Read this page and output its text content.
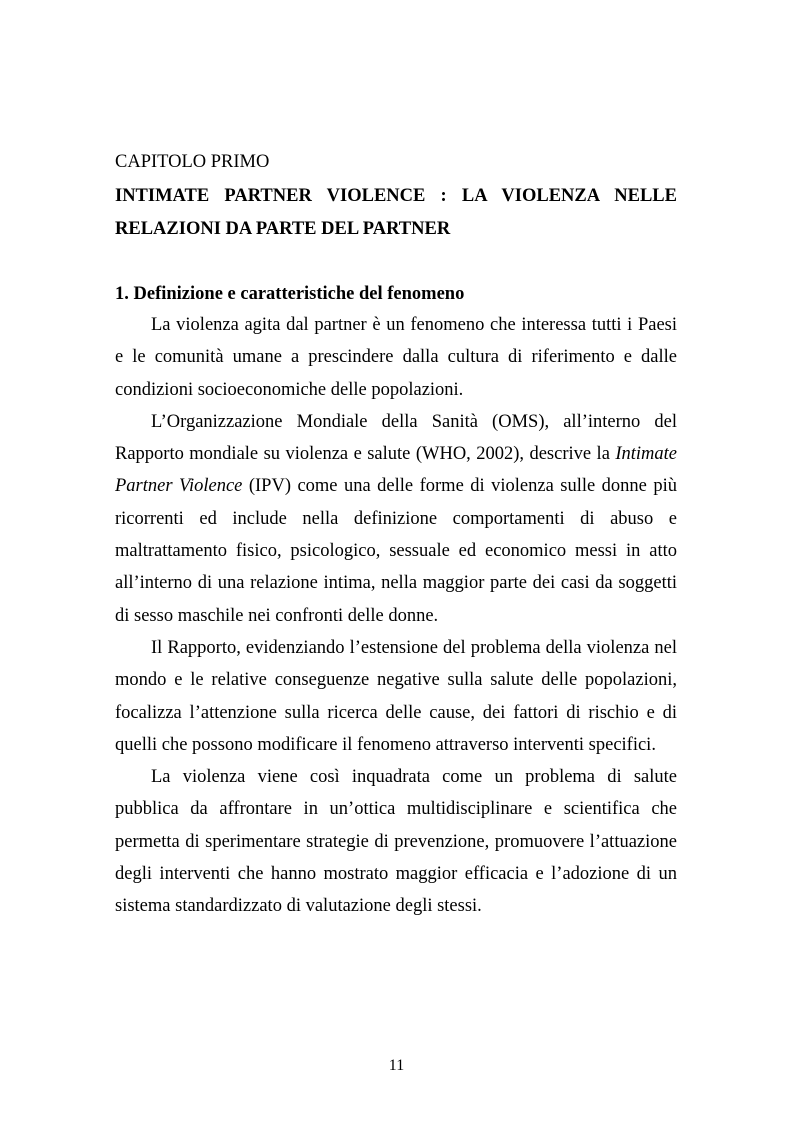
CAPITOLO PRIMO
INTIMATE PARTNER VIOLENCE : LA VIOLENZA NELLE RELAZIONI DA PARTE DEL PARTNER
1. Definizione e caratteristiche del fenomeno

La violenza agita dal partner è un fenomeno che interessa tutti i Paesi e le comunità umane a prescindere dalla cultura di riferimento e dalle condizioni socioeconomiche delle popolazioni.

L’Organizzazione Mondiale della Sanità (OMS), all’interno del Rapporto mondiale su violenza e salute (WHO, 2002), descrive la Intimate Partner Violence (IPV) come una delle forme di violenza sulle donne più ricorrenti ed include nella definizione comportamenti di abuso e maltrattamento fisico, psicologico, sessuale ed economico messi in atto all’interno di una relazione intima, nella maggior parte dei casi da soggetti di sesso maschile nei confronti delle donne.

Il Rapporto, evidenziando l’estensione del problema della violenza nel mondo e le relative conseguenze negative sulla salute delle popolazioni, focalizza l’attenzione sulla ricerca delle cause, dei fattori di rischio e di quelli che possono modificare il fenomeno attraverso interventi specifici.

La violenza viene così inquadrata come un problema di salute pubblica da affrontare in un’ottica multidisciplinare e scientifica che permetta di sperimentare strategie di prevenzione, promuovere l’attuazione degli interventi che hanno mostrato maggior efficacia e l’adozione di un sistema standardizzato di valutazione degli stessi.

11
